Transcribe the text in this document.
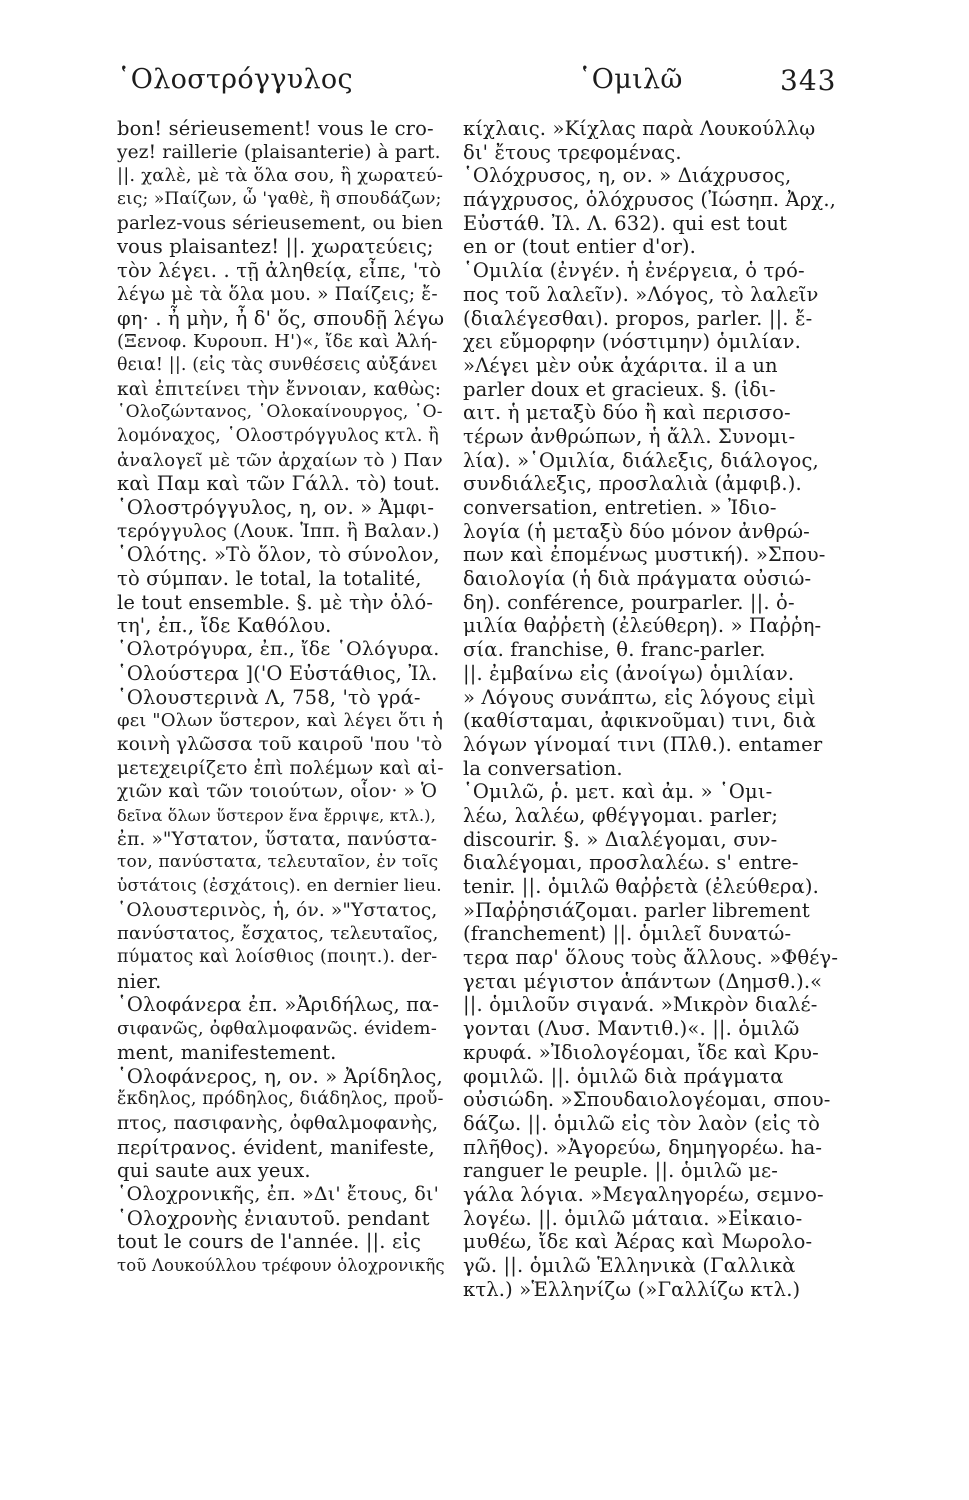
῾Ολοστρόγγυλος	῾Ομιλῶ	343
bon! sérieusement! vous le cro-
yez! raillerie (plaisanterie) à part.
||. χαλὲ, μὲ τὰ ὅλα σου, ἢ χωρατεύ-
εις; »Παίζων, ὦ 'γαθὲ, ἢ σπουδάζων;
parlez-vous sérieusement, ou bien
vous plaisantez! ||. χωρατεύεις;
τὸν λέγει. . τῇ ἀληθείᾳ, εἶπε, 'τὸ
λέγω μὲ τὰ ὅλα μου. » Παίζεις; ἔ-
φη· . ἦ μὴν, ἦ δ' ὅς, σπουδῇ λέγω
(Ξενοφ. Κυρουπ. Η')«, ἴδε καὶ Ἀλή-
θεια! ||. (εἰς τὰς συνθέσεις αὐξάνει
καὶ ἐπιτείνει τὴν ἔννοιαν, καθὼς:
῾Ολοζώντανος, ῾Ολοκαίνουργος, ῾Ο-
λομόναχος, ῾Ολοστρόγγυλος κτλ. ἢ
ἀναλογεῖ μὲ τῶν ἀρχαίων τὸ ) Παν
καὶ Παμ καὶ τῶν Γάλλ. τὸ) tout.
῾Ολοστρόγγυλος, η, ον. » Ἀμφι-
τερόγγυλος (Λουκ. Ἱππ. ἢ Βαλαν.)
῾Ολότης. »Τὸ ὅλον, τὸ σύνολον,
τὸ σύμπαν. le total, la totalité,
le tout ensemble. §. μὲ τὴν ὁλό-
τη', ἐπ., ἴδε Καθόλου.
῾Ολοτρόγυρα, ἐπ., ἴδε ῾Ολόγυρα.
῾Ολούστερα ]('Ο Εὐστάθιος, Ἰλ.
῾Ολουστερινὰ Λ, 758, 'τὸ γρά-
φει "Ολων ὕστερον, καὶ λέγει ὅτι ἡ
κοινὴ γλῶσσα τοῦ καιροῦ 'που 'τὸ
μετεχειρίζετο ἐπὶ πολέμων καὶ αἰ-
χιῶν καὶ τῶν τοιούτων, οἷον· » Ὁ
δεῖνα ὅλων ὕστερον ἕνα ἔρριψε, κτλ.),
ἐπ. »"Υστατον, ὕστατα, πανύστα-
τον, πανύστατα, τελευταῖον, ἐν τοῖς
ὑστάτοις (ἐσχάτοις). en dernier lieu.
῾Ολουστερινὸς, ἡ, όν. »"Υστατος,
πανύστατος, ἔσχατος, τελευταῖος,
πύματος καὶ λοίσθιος (ποιητ.). der-
nier.
῾Ολοφάνερα ἐπ. »Ἀριδήλως, πα-
σιφανῶς, ὀφθαλμοφανῶς. évidem-
ment, manifestement.
῾Ολοφάνερος, η, ον. » Ἀρίδηλος,
ἔκδηλος, πρόδηλος, διάδηλος, προὔ-
πτος, πασιφανὴς, ὀφθαλμοφανὴς,
περίτρανος. évident, manifeste,
qui saute aux yeux.
῾Ολοχρονικῆς, ἐπ. »Δι' ἔτους, δι'
῾Ολοχρονὴς ἐνιαυτοῦ. pendant
tout le cours de l'année. ||. εἰς
τοῦ Λουκούλλου τρέφουν ὁλοχρονικῆς
κίχλαις. »Κίχλας παρὰ Λουκούλλῳ
δι' ἔτους τρεφομένας.
῾Ολόχρυσος, η, ον. » Διάχρυσος,
πάγχρυσος, ὁλόχρυσος (Ἰώσηπ. Ἀρχ.,
Εὐστάθ. Ἰλ. Λ. 632). qui est tout
en or (tout entier d'or).
῾Ομιλία (ἐνγέν. ἡ ἐνέργεια, ὁ τρό-
πος τοῦ λαλεῖν). »Λόγος, τὸ λαλεῖν
(διαλέγεσθαι). propos, parler. ||. ἔ-
χει εὔμορφην (νόστιμην) ὁμιλίαν.
»Λέγει μὲν οὐκ ἀχάριτα. il a un
parler doux et gracieux. §. (ἰδι-
αιτ. ἡ μεταξὺ δύο ἢ καὶ περισσο-
τέρων ἀνθρώπων, ἡ ἄλλ. Συνομι-
λία). »῾Ομιλία, διάλεξις, διάλογος,
συνδιάλεξις, προσλαλιὰ (ἀμφιβ.).
conversation, entretien. » Ἰδιο-
λογία (ἡ μεταξὺ δύο μόνον ἀνθρώ-
πων καὶ ἐπομένως μυστική). »Σπου-
δαιολογία (ἡ διὰ πράγματα οὐσιώ-
δη). conférence, pourparler. ||. ὁ-
μιλία θαῤῥετὴ (ἐλεύθερη). » Παῤῥη-
σία. franchise, θ. franc-parler.
||. ἐμβαίνω εἰς (ἀνοίγω) ὁμιλίαν.
» Λόγους συνάπτω, εἰς λόγους εἰμὶ
(καθίσταμαι, ἀφικνοῦμαι) τινι, διὰ
λόγων γίνομαί τινι (Πλθ.). entamer
la conversation.
῾Ομιλῶ, ῥ. μετ. καὶ ἀμ. » ῾Ομι-
λέω, λαλέω, φθέγγομαι. parler;
discourir. §. » Διαλέγομαι, συν-
διαλέγομαι, προσλαλέω. s' entre-
tenir. ||. ὁμιλῶ θαῤῥετὰ (ἐλεύθερα).
»Παῤῥησιάζομαι. parler librement
(franchement) ||. ὁμιλεῖ δυνατώ-
τερα παρ' ὅλους τοὺς ἄλλους. »Φθέγ-
γεται μέγιστον ἁπάντων (Δημσθ.).«
||. ὁμιλοῦν σιγανά. »Μικρὸν διαλέ-
γονται (Λυσ. Μαντιθ.)«. ||. ὁμιλῶ
κρυφά. »Ἰδιολογέομαι, ἴδε καὶ Κρυ-
φομιλῶ. ||. ὁμιλῶ διὰ πράγματα
οὐσιώδη. »Σπουδαιολογέομαι, σπου-
δάζω. ||. ὁμιλῶ εἰς τὸν λαὸν (εἰς τὸ
πλῆθος). »Ἀγορεύω, δημηγορέω. ha-
ranguer le peuple. ||. ὁμιλῶ με-
γάλα λόγια. »Μεγαληγορέω, σεμνο-
λογέω. ||. ὁμιλῶ μάταια. »Εἰκαιο-
μυθέω, ἴδε καὶ Ἀέρας καὶ Μωρολο-
γῶ. ||. ὁμιλῶ Ἑλληνικὰ (Γαλλικὰ
κτλ.) »Ἑλληνίζω (»Γαλλίζω κτλ.)
